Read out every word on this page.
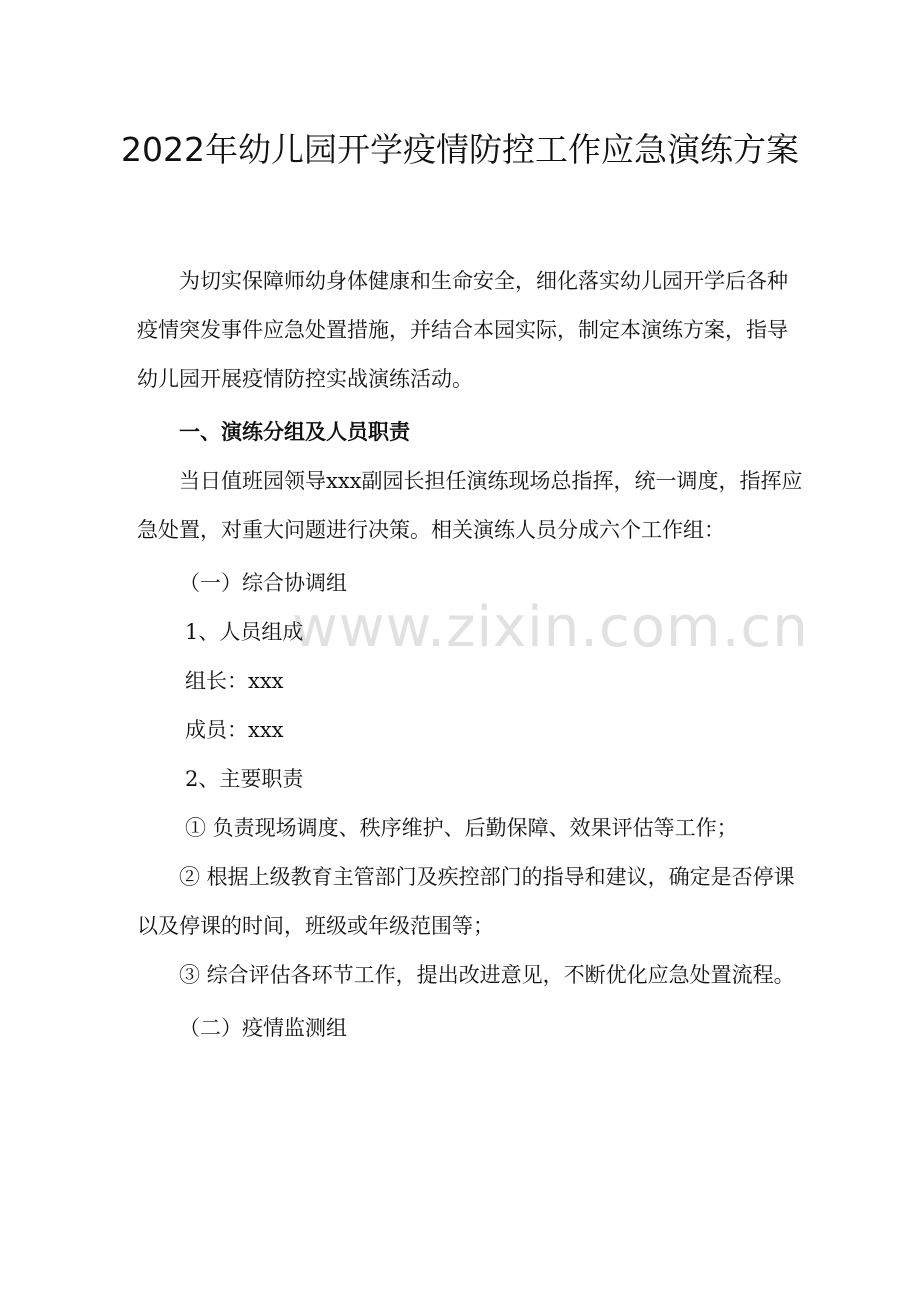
2022年幼儿园开学疫情防控工作应急演练方案

为切实保障师幼身体健康和生命安全，细化落实幼儿园开学后各种疫情突发事件应急处置措施，并结合本园实际，制定本演练方案，指导幼儿园开展疫情防控实战演练活动。

一、演练分组及人员职责

当日值班园领导xxx副园长担任演练现场总指挥，统一调度，指挥应急处置，对重大问题进行决策。相关演练人员分成六个工作组：

（一）综合协调组

1、人员组成

组长：xxx

成员：xxx

2、主要职责

① 负责现场调度、秩序维护、后勤保障、效果评估等工作；

② 根据上级教育主管部门及疾控部门的指导和建议，确定是否停课以及停课的时间，班级或年级范围等；

③ 综合评估各环节工作，提出改进意见，不断优化应急处置流程。

（二）疫情监测组

www.zixin.com.cn
